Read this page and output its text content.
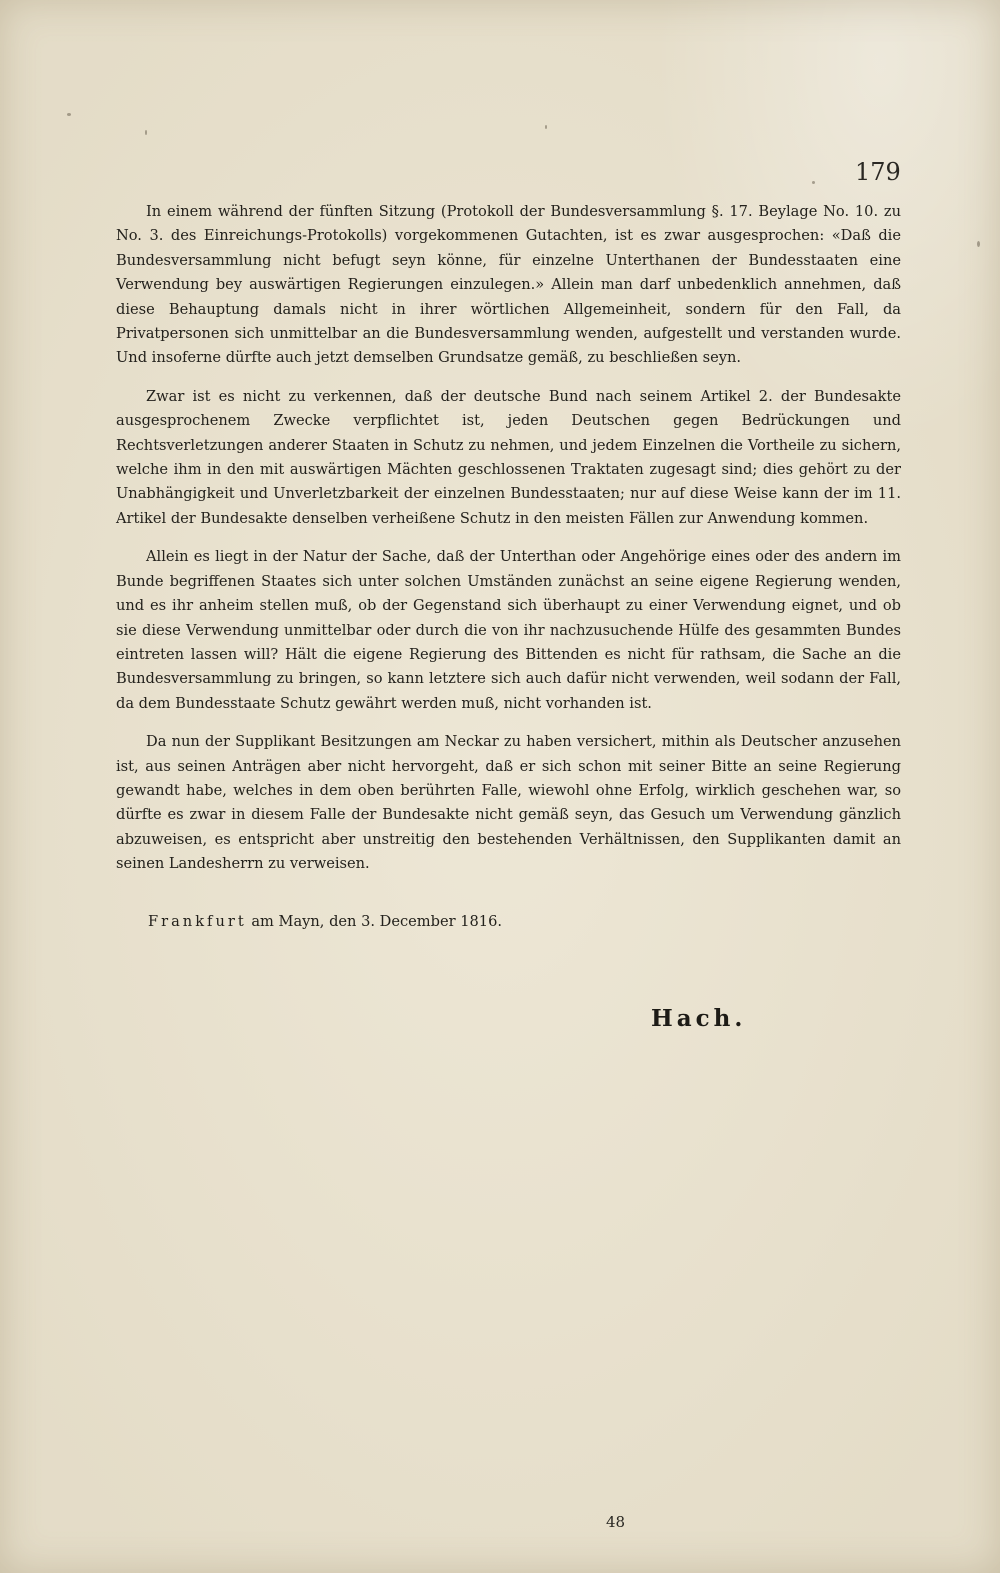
179

In einem während der fünften Sitzung (Protokoll der Bundesversammlung §. 17. Beylage No. 10. zu No. 3. des Einreichungs-Protokolls) vorgekommenen Gutachten, ist es zwar ausgesprochen: «Daß die Bundesversammlung nicht befugt seyn könne, für einzelne Unterthanen der Bundesstaaten eine Verwendung bey auswärtigen Regierungen einzulegen.» Allein man darf unbedenklich annehmen, daß diese Behauptung damals nicht in ihrer wörtlichen Allgemeinheit, sondern für den Fall, da Privatpersonen sich unmittelbar an die Bundesversammlung wenden, aufgestellt und verstanden wurde. Und insoferne dürfte auch jetzt demselben Grundsatze gemäß, zu beschließen seyn.

Zwar ist es nicht zu verkennen, daß der deutsche Bund nach seinem Artikel 2. der Bundesakte ausgesprochenem Zwecke verpflichtet ist, jeden Deutschen gegen Bedrückungen und Rechtsverletzungen anderer Staaten in Schutz zu nehmen, und jedem Einzelnen die Vortheile zu sichern, welche ihm in den mit auswärtigen Mächten geschlossenen Traktaten zugesagt sind; dies gehört zu der Unabhängigkeit und Unverletzbarkeit der einzelnen Bundesstaaten; nur auf diese Weise kann der im 11. Artikel der Bundesakte denselben verheißene Schutz in den meisten Fällen zur Anwendung kommen.

Allein es liegt in der Natur der Sache, daß der Unterthan oder Angehörige eines oder des andern im Bunde begriffenen Staates sich unter solchen Umständen zunächst an seine eigene Regierung wenden, und es ihr anheim stellen muß, ob der Gegenstand sich überhaupt zu einer Verwendung eignet, und ob sie diese Verwendung unmittelbar oder durch die von ihr nachzusuchende Hülfe des gesammten Bundes eintreten lassen will? Hält die eigene Regierung des Bittenden es nicht für rathsam, die Sache an die Bundesversammlung zu bringen, so kann letztere sich auch dafür nicht verwenden, weil sodann der Fall, da dem Bundesstaate Schutz gewährt werden muß, nicht vorhanden ist.

Da nun der Supplikant Besitzungen am Neckar zu haben versichert, mithin als Deutscher anzusehen ist, aus seinen Anträgen aber nicht hervorgeht, daß er sich schon mit seiner Bitte an seine Regierung gewandt habe, welches in dem oben berührten Falle, wiewohl ohne Erfolg, wirklich geschehen war, so dürfte es zwar in diesem Falle der Bundesakte nicht gemäß seyn, das Gesuch um Verwendung gänzlich abzuweisen, es entspricht aber unstreitig den bestehenden Verhältnissen, den Supplikanten damit an seinen Landesherrn zu verweisen.

Frankfurt am Mayn, den 3. December 1816.
Hach.
48
